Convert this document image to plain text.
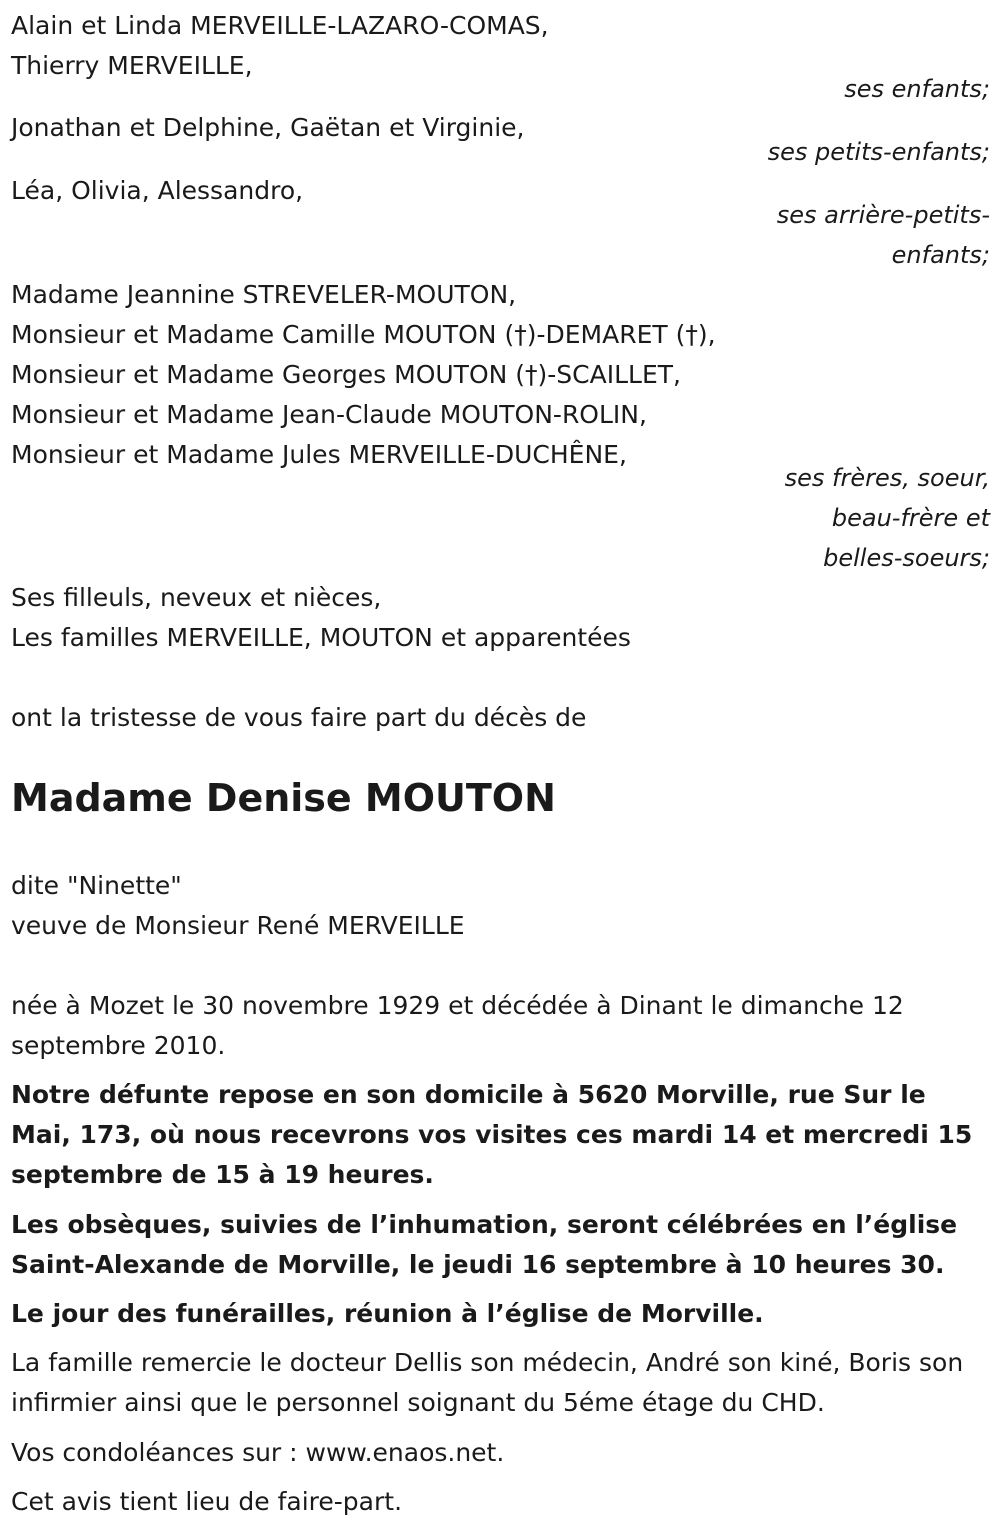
Alain et Linda MERVEILLE-LAZARO-COMAS,
Thierry MERVEILLE,
ses enfants;
Jonathan et Delphine, Gaëtan et Virginie,
ses petits-enfants;
Léa, Olivia, Alessandro,
ses arrière-petits-
enfants;
Madame Jeannine STREVELER-MOUTON,
Monsieur et Madame Camille MOUTON (†)-DEMARET (†),
Monsieur et Madame Georges MOUTON (†)-SCAILLET,
Monsieur et Madame Jean-Claude MOUTON-ROLIN,
Monsieur et Madame Jules MERVEILLE-DUCHÊNE,
ses frères, soeur,
beau-frère et
belles-soeurs;
Ses filleuls, neveux et nièces,
Les familles MERVEILLE, MOUTON et apparentées
ont la tristesse de vous faire part du décès de
Madame Denise MOUTON
dite "Ninette"
veuve de Monsieur René MERVEILLE
née à Mozet le 30 novembre 1929 et décédée à Dinant le dimanche 12 septembre 2010.
Notre défunte repose en son domicile à 5620 Morville, rue Sur le Mai, 173, où nous recevrons vos visites ces mardi 14 et mercredi 15 septembre de 15 à 19 heures.
Les obsèques, suivies de l’inhumation, seront célébrées en l’église Saint-Alexande de Morville, le jeudi 16 septembre à 10 heures 30.
Le jour des funérailles, réunion à l’église de Morville.
La famille remercie le docteur Dellis son médecin, André son kiné, Boris son infirmier ainsi que le personnel soignant du 5éme étage du CHD.
Vos condoléances sur : www.enaos.net.
Cet avis tient lieu de faire-part.
